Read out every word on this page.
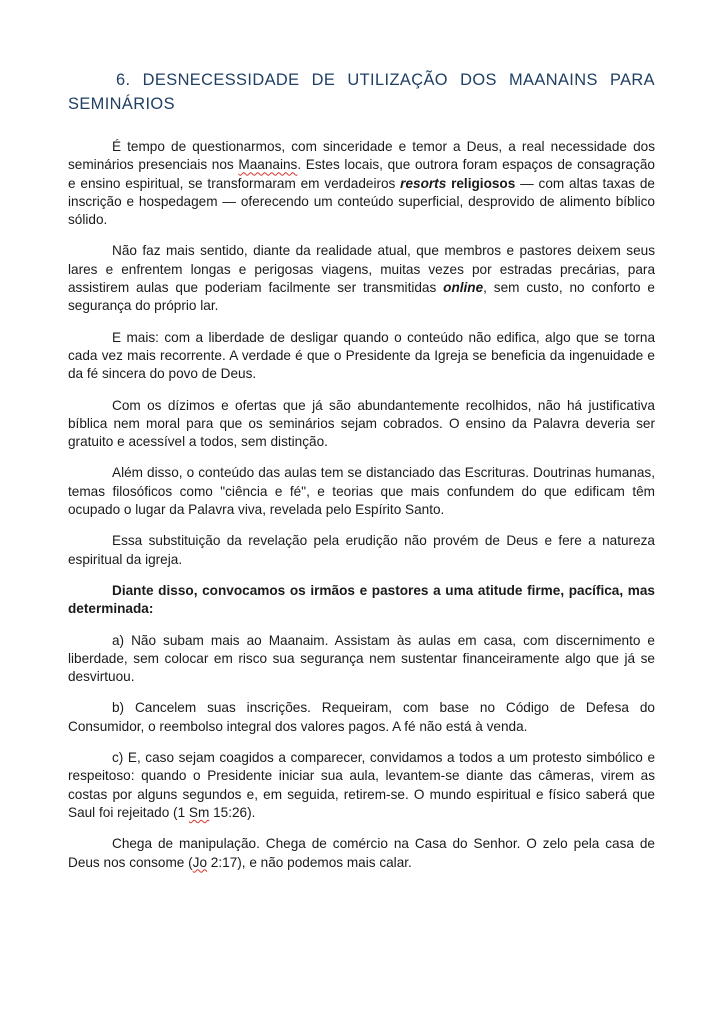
6. DESNECESSIDADE DE UTILIZAÇÃO DOS MAANAINS PARA SEMINÁRIOS

É tempo de questionarmos, com sinceridade e temor a Deus, a real necessidade dos seminários presenciais nos Maanains. Estes locais, que outrora foram espaços de consagração e ensino espiritual, se transformaram em verdadeiros resorts religiosos — com altas taxas de inscrição e hospedagem — oferecendo um conteúdo superficial, desprovido de alimento bíblico sólido.

Não faz mais sentido, diante da realidade atual, que membros e pastores deixem seus lares e enfrentem longas e perigosas viagens, muitas vezes por estradas precárias, para assistirem aulas que poderiam facilmente ser transmitidas online, sem custo, no conforto e segurança do próprio lar.

E mais: com a liberdade de desligar quando o conteúdo não edifica, algo que se torna cada vez mais recorrente. A verdade é que o Presidente da Igreja se beneficia da ingenuidade e da fé sincera do povo de Deus.

Com os dízimos e ofertas que já são abundantemente recolhidos, não há justificativa bíblica nem moral para que os seminários sejam cobrados. O ensino da Palavra deveria ser gratuito e acessível a todos, sem distinção.

Além disso, o conteúdo das aulas tem se distanciado das Escrituras. Doutrinas humanas, temas filosóficos como "ciência e fé", e teorias que mais confundem do que edificam têm ocupado o lugar da Palavra viva, revelada pelo Espírito Santo.

Essa substituição da revelação pela erudição não provém de Deus e fere a natureza espiritual da igreja.

Diante disso, convocamos os irmãos e pastores a uma atitude firme, pacífica, mas determinada:

a) Não subam mais ao Maanaim. Assistam às aulas em casa, com discernimento e liberdade, sem colocar em risco sua segurança nem sustentar financeiramente algo que já se desvirtuou.

b) Cancelem suas inscrições. Requeiram, com base no Código de Defesa do Consumidor, o reembolso integral dos valores pagos. A fé não está à venda.

c) E, caso sejam coagidos a comparecer, convidamos a todos a um protesto simbólico e respeitoso: quando o Presidente iniciar sua aula, levantem-se diante das câmeras, virem as costas por alguns segundos e, em seguida, retirem-se. O mundo espiritual e físico saberá que Saul foi rejeitado (1 Sm 15:26).

Chega de manipulação. Chega de comércio na Casa do Senhor. O zelo pela casa de Deus nos consome (Jo 2:17), e não podemos mais calar.
